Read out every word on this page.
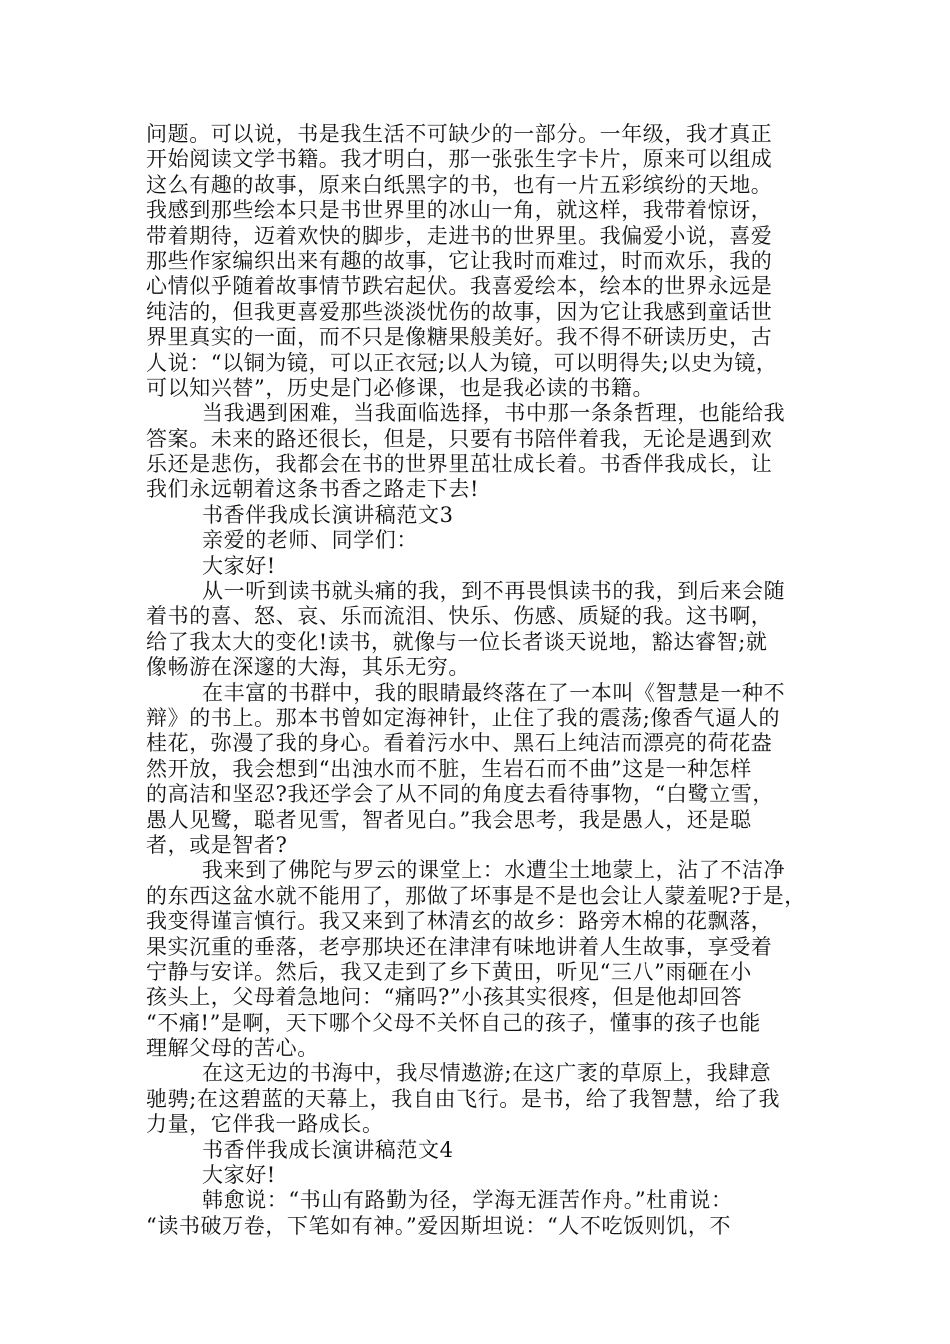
问题。可以说，书是我生活不可缺少的一部分。一年级，我才真正
开始阅读文学书籍。我才明白，那一张张生字卡片，原来可以组成
这么有趣的故事，原来白纸黑字的书，也有一片五彩缤纷的天地。
我感到那些绘本只是书世界里的冰山一角，就这样，我带着惊讶，
带着期待，迈着欢快的脚步，走进书的世界里。我偏爱小说，喜爱
那些作家编织出来有趣的故事，它让我时而难过，时而欢乐，我的
心情似乎随着故事情节跌宕起伏。我喜爱绘本，绘本的世界永远是
纯洁的，但我更喜爱那些淡淡忧伤的故事，因为它让我感到童话世
界里真实的一面，而不只是像糖果般美好。我不得不研读历史，古
人说：“以铜为镜，可以正衣冠;以人为镜，可以明得失;以史为镜，
可以知兴替”，历史是门必修课，也是我必读的书籍。
当我遇到困难，当我面临选择，书中那一条条哲理，也能给我
答案。未来的路还很长，但是，只要有书陪伴着我，无论是遇到欢
乐还是悲伤，我都会在书的世界里茁壮成长着。书香伴我成长，让
我们永远朝着这条书香之路走下去!
书香伴我成长演讲稿范文3
亲爱的老师、同学们：
大家好!
从一听到读书就头痛的我，到不再畏惧读书的我，到后来会随
着书的喜、怒、哀、乐而流泪、快乐、伤感、质疑的我。这书啊，
给了我太大的变化!读书，就像与一位长者谈天说地，豁达睿智;就
像畅游在深邃的大海，其乐无穷。
在丰富的书群中，我的眼睛最终落在了一本叫《智慧是一种不
辩》的书上。那本书曾如定海神针，止住了我的震荡;像香气逼人的
桂花，弥漫了我的身心。看着污水中、黑石上纯洁而漂亮的荷花盎
然开放，我会想到“出浊水而不脏，生岩石而不曲”这是一种怎样
的高洁和坚忍?我还学会了从不同的角度去看待事物，“白鹭立雪，
愚人见鹭，聪者见雪，智者见白。”我会思考，我是愚人，还是聪
者，或是智者?
我来到了佛陀与罗云的课堂上：水遭尘土地蒙上，沾了不洁净
的东西这盆水就不能用了，那做了坏事是不是也会让人蒙羞呢?于是，
我变得谨言慎行。我又来到了林清玄的故乡：路旁木棉的花飘落，
果实沉重的垂落，老亭那块还在津津有味地讲着人生故事，享受着
宁静与安详。然后，我又走到了乡下黄田，听见“三八”雨砸在小
孩头上，父母着急地问：“痛吗?”小孩其实很疼，但是他却回答
“不痛!”是啊，天下哪个父母不关怀自己的孩子，懂事的孩子也能
理解父母的苦心。
在这无边的书海中，我尽情遨游;在这广袤的草原上，我肆意
驰骋;在这碧蓝的天幕上，我自由飞行。是书，给了我智慧，给了我
力量，它伴我一路成长。
书香伴我成长演讲稿范文4
大家好!
韩愈说：“书山有路勤为径，学海无涯苦作舟。”杜甫说：
“读书破万卷，下笔如有神。”爱因斯坦说：“人不吃饭则饥，不
